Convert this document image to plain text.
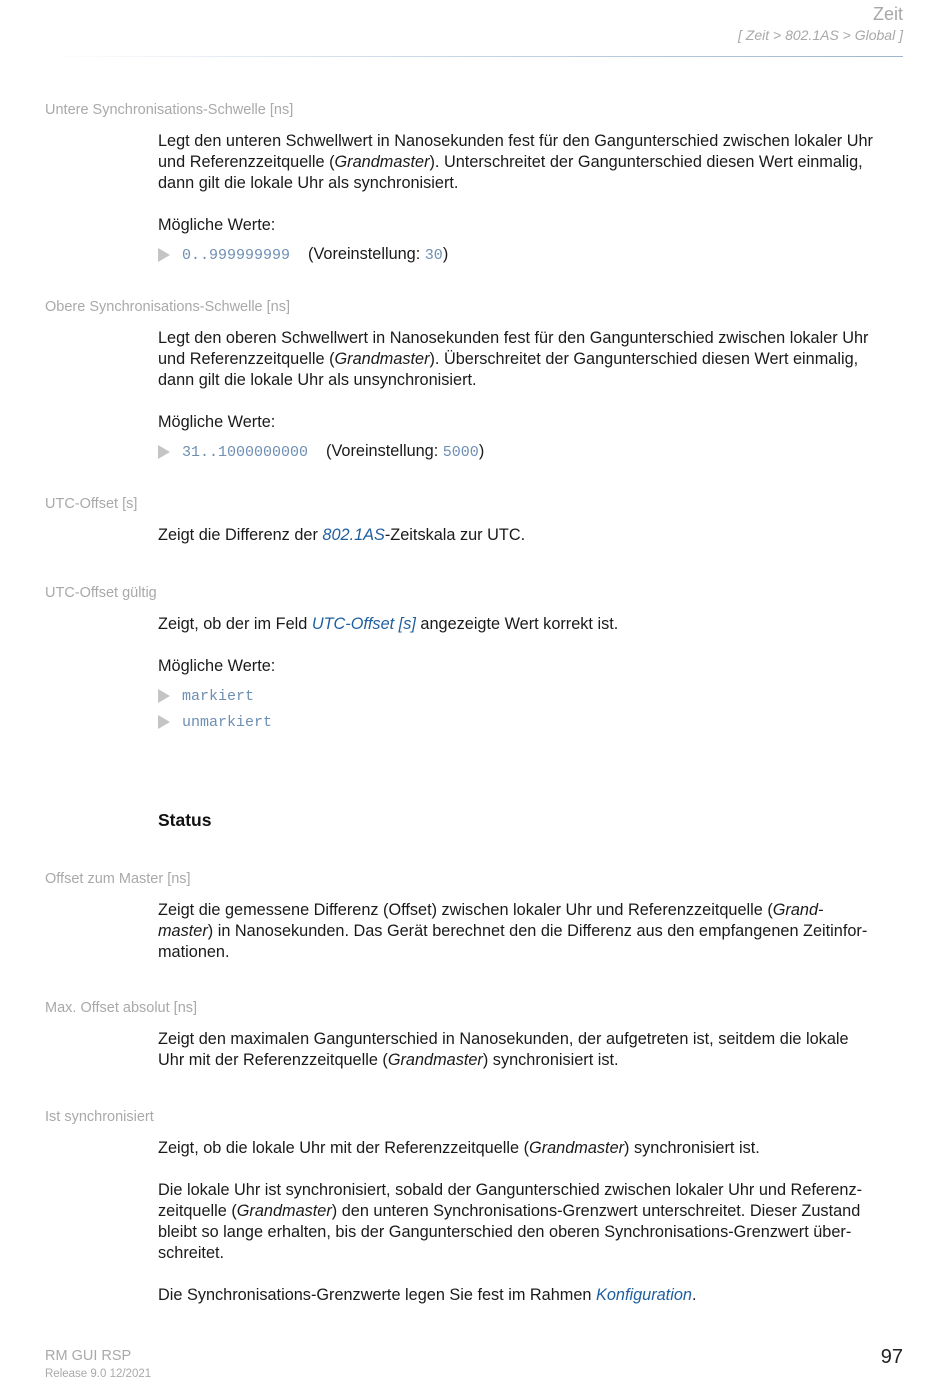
Zeit
[ Zeit > 802.1AS > Global ]
Untere Synchronisations-Schwelle [ns]

Legt den unteren Schwellwert in Nanosekunden fest für den Gangunterschied zwischen lokaler Uhr

und Referenzzeitquelle (Grandmaster). Unterschreitet der Gangunterschied diesen Wert einmalig,

dann gilt die lokale Uhr als synchronisiert.

Mögliche Werte:

0..999999999 (Voreinstellung: 30)
Obere Synchronisations-Schwelle [ns]

Legt den oberen Schwellwert in Nanosekunden fest für den Gangunterschied zwischen lokaler Uhr

und Referenzzeitquelle (Grandmaster). Überschreitet der Gangunterschied diesen Wert einmalig,

dann gilt die lokale Uhr als unsynchronisiert.

Mögliche Werte:

31..1000000000 (Voreinstellung: 5000)
UTC-Offset [s]

Zeigt die Differenz der 802.1AS-Zeitskala zur UTC.

UTC-Offset gültig

Zeigt, ob der im Feld UTC-Offset [s] angezeigte Wert korrekt ist.

Mögliche Werte:

markiert
unmarkiert
Status
Offset zum Master [ns]

Zeigt die gemessene Differenz (Offset) zwischen lokaler Uhr und Referenzzeitquelle (Grand-

master) in Nanosekunden. Das Gerät berechnet den die Differenz aus den empfangenen Zeitinfor-

mationen.

Max. Offset absolut [ns]

Zeigt den maximalen Gangunterschied in Nanosekunden, der aufgetreten ist, seitdem die lokale

Uhr mit der Referenzzeitquelle (Grandmaster) synchronisiert ist.

Ist synchronisiert

Zeigt, ob die lokale Uhr mit der Referenzzeitquelle (Grandmaster) synchronisiert ist.

Die lokale Uhr ist synchronisiert, sobald der Gangunterschied zwischen lokaler Uhr und Referenz-

zeitquelle (Grandmaster) den unteren Synchronisations-Grenzwert unterschreitet. Dieser Zustand

bleibt so lange erhalten, bis der Gangunterschied den oberen Synchronisations-Grenzwert über-

schreitet.

Die Synchronisations-Grenzwerte legen Sie fest im Rahmen Konfiguration.

RM GUI RSP
Release 9.0 12/2021
97
